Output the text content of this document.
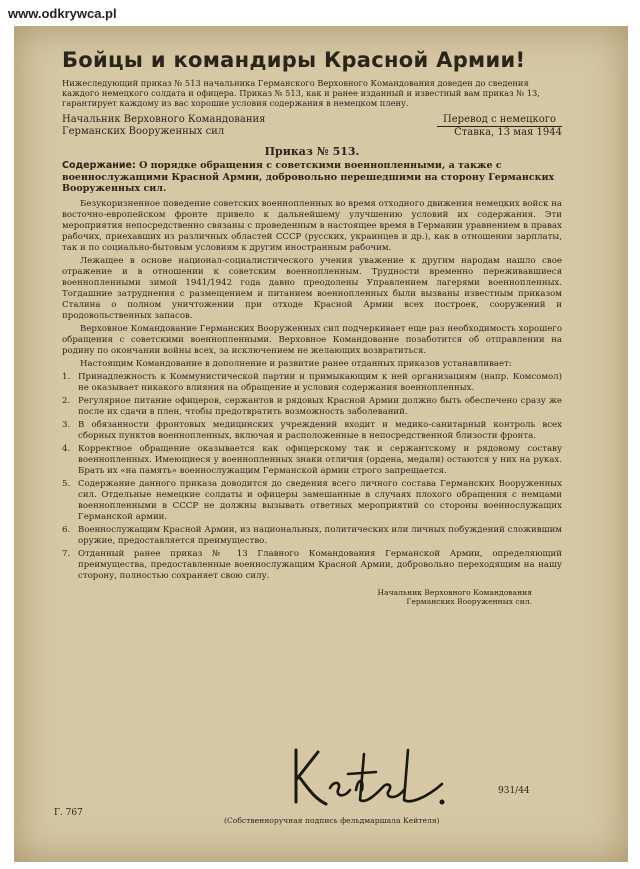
www.odkrywca.pl
Бойцы и командиры Красной Армии!

Нижеследующий приказ № 513 начальника Германского Верховного Командования доведен до сведения каждого немецкого солдата и офицера. Приказ № 513, как и ранее изданный и известный вам приказ № 13, гарантирует каждому из вас хорошие условия содержания в немецком плену.

Начальник Верховного Командования
Германских Вооруженных сил
Перевод с немецкого
Ставка, 13 мая 1944
Приказ № 513.

Содержание: О порядке обращения с советскими военнопленными, а также с военнослужащими Красной Армии, добровольно перешедшими на сторону Германских Вооруженных сил.

Безукоризненное поведение советских военнопленных во время отходного движения немецких войск на восточно-европейском фронте привело к дальнейшему улучшению условий их содержания. Эти мероприятия непосредственно связаны с проведенным в настоящее время в Германии уравнением в правах рабочих, приехавших из различных областей СССР (русских, украинцев и др.), как в отношении зарплаты, так и по социально-бытовым условиям к другим иностранным рабочим.

Лежащее в основе национал-социалистического учения уважение к другим народам нашло свое отражение и в отношении к советским военнопленным. Трудности временно переживавшиеся военнопленными зимой 1941/1942 года давно преодолены Управлением лагерями военнопленных. Тогдашние затруднения с размещением и питанием военнопленных были вызваны известным приказом Сталина о полном уничтожении при отходе Красной Армии всех построек, сооружений и продовольственных запасов.

Верховное Командование Германских Вооруженных сил подчеркивает еще раз необходимость хорошего обращения с советскими военнопленными. Верховное Командование позаботится об отправлении на родину по окончании войны всех, за исключением не желающих возвратиться.

Настоящим Командование в дополнение и развитие ранее отданных приказов устанавливает:

1. Принадлежность к Коммунистической партии и примыкающим к ней организациям (напр. Комсомол) не оказывает никакого влияния на обращение и условия содержания военнопленных.
2. Регулярное питание офицеров, сержантов и рядовых Красной Армии должно быть обеспечено сразу же после их сдачи в плен, чтобы предотвратить возможность заболеваний.
3. В обязанности фронтовых медицинских учреждений входит и медико-санитарный контроль всех сборных пунктов военнопленных, включая и расположенные в непосредственной близости фронта.
4. Корректное обращение оказывается как офицерскому так и сержантскому и рядовому составу военнопленных. Имеющиеся у военнопленных знаки отличия (ордена, медали) остаются у них на руках. Брать их «на память» военнослужащим Германской армии строго запрещается.
5. Содержание данного приказа доводится до сведения всего личного состава Германских Вооруженных сил. Отдельные немецкие солдаты и офицеры замешанные в случаях плохого обращения с немцами военнопленными в СССР не должны вызывать ответных мероприятий со стороны военнослужащих Германской армии.
6. Военнослужащим Красной Армии, из национальных, политических или личных побуждений сложившим оружие, предоставляется преимущество.
7. Отданный ранее приказ № 13 Главного Командования Германской Армии, определяющий преимущества, предоставленные военнослужащим Красной Армии, добровольно переходящим на нашу сторону, полностью сохраняет свою силу.
Начальник Верховного Командования
Германских Вооруженных сил.
931/44
Г. 767
(Собственноручная подпись фельдмаршала Кейтеля)
